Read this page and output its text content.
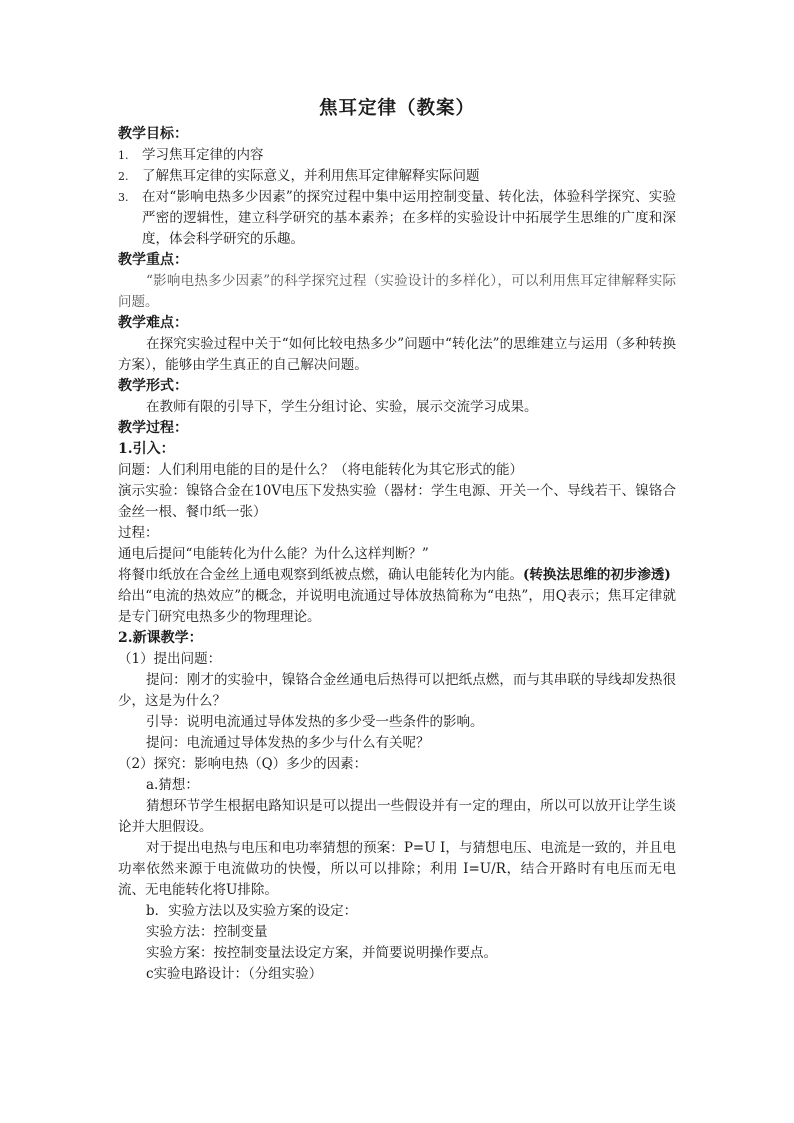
焦耳定律（教案）
教学目标：
1.	学习焦耳定律的内容
2.	了解焦耳定律的实际意义，并利用焦耳定律解释实际问题
3.	在对“影响电热多少因素”的探究过程中集中运用控制变量、转化法，体验科学探究、实验严密的逻辑性，建立科学研究的基本素养；在多样的实验设计中拓展学生思维的广度和深度，体会科学研究的乐趣。
教学重点：
“影响电热多少因素”的科学探究过程（实验设计的多样化），可以利用焦耳定律解释实际问题。
教学难点：
在探究实验过程中关于“如何比较电热多少”问题中“转化法”的思维建立与运用（多种转换方案），能够由学生真正的自己解决问题。
教学形式：
在教师有限的引导下，学生分组讨论、实验，展示交流学习成果。
教学过程：
1.引入：
问题：人们利用电能的目的是什么？（将电能转化为其它形式的能）
演示实验：镍铬合金在10V电压下发热实验（器材：学生电源、开关一个、导线若干、镍铬合金丝一根、餐巾纸一张）
过程：
通电后提问“电能转化为什么能？为什么这样判断？”
将餐巾纸放在合金丝上通电观察到纸被点燃，确认电能转化为内能。(转换法思维的初步渗透)
给出“电流的热效应”的概念，并说明电流通过导体放热简称为“电热”，用Q表示；焦耳定律就是专门研究电热多少的物理理论。
2.新课教学：
（1）提出问题：
提问：刚才的实验中，镍铬合金丝通电后热得可以把纸点燃，而与其串联的导线却发热很少，这是为什么？
引导：说明电流通过导体发热的多少受一些条件的影响。
提问：电流通过导体发热的多少与什么有关呢？
（2）探究：影响电热（Q）多少的因素：
a.猜想：
猜想环节学生根据电路知识是可以提出一些假设并有一定的理由，所以可以放开让学生谈论并大胆假设。
对于提出电热与电压和电功率猜想的预案：P=U I，与猜想电压、电流是一致的，并且电功率依然来源于电流做功的快慢，所以可以排除；利用 I=U/R，结合开路时有电压而无电流、无电能转化将U排除。
b．实验方法以及实验方案的设定：
实验方法：控制变量
实验方案：按控制变量法设定方案，并简要说明操作要点。
c实验电路设计：（分组实验）
